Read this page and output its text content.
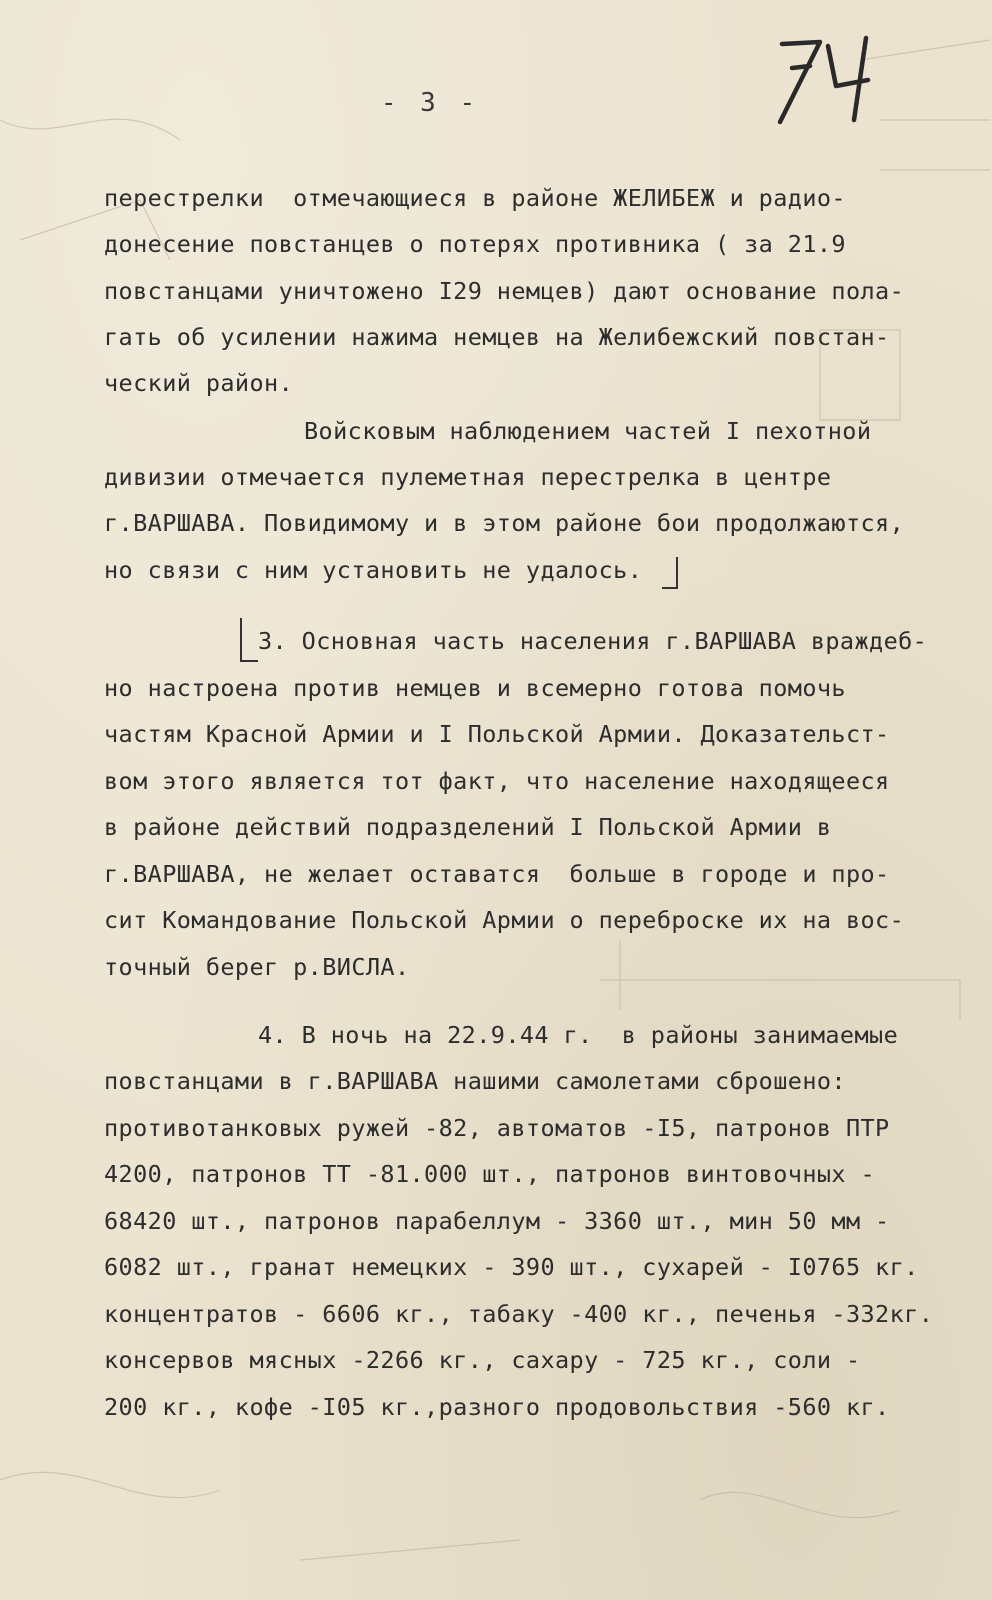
- 3 -
перестрелки  отмечающиеся в районе ЖЕЛИБЕЖ и радио-
донесение повстанцев о потерях противника ( за 21.9
повстанцами уничтожено I29 немцев) дают основание пола-
гать об усилении нажима немцев на Желибежский повстан-
ческий район.
Войсковым наблюдением частей I пехотной
дивизии отмечается пулеметная перестрелка в центре
г.ВАРШАВА. Повидимому и в этом районе бои продолжаются,
но связи с ним установить не удалось.
3. Основная часть населения г.ВАРШАВА враждеб-
но настроена против немцев и всемерно готова помочь
частям Красной Армии и I Польской Армии. Доказательст-
вом этого является тот факт, что население находящееся
в районе действий подразделений I Польской Армии в
г.ВАРШАВА, не желает оставатся  больше в городе и про-
сит Командование Польской Армии о переброске их на вос-
точный берег р.ВИСЛА.
4. В ночь на 22.9.44 г.  в районы занимаемые
повстанцами в г.ВАРШАВА нашими самолетами сброшено:
противотанковых ружей -82, автоматов -I5, патронов ПТР
4200, патронов ТТ -81.000 шт., патронов винтовочных -
68420 шт., патронов парабеллум - 3360 шт., мин 50 мм -
6082 шт., гранат немецких - 390 шт., сухарей - I0765 кг.
концентратов - 6606 кг., табаку -400 кг., печенья -332кг.
консервов мясных -2266 кг., сахару - 725 кг., соли -
200 кг., кофе -I05 кг.,разного продовольствия -560 кг.
